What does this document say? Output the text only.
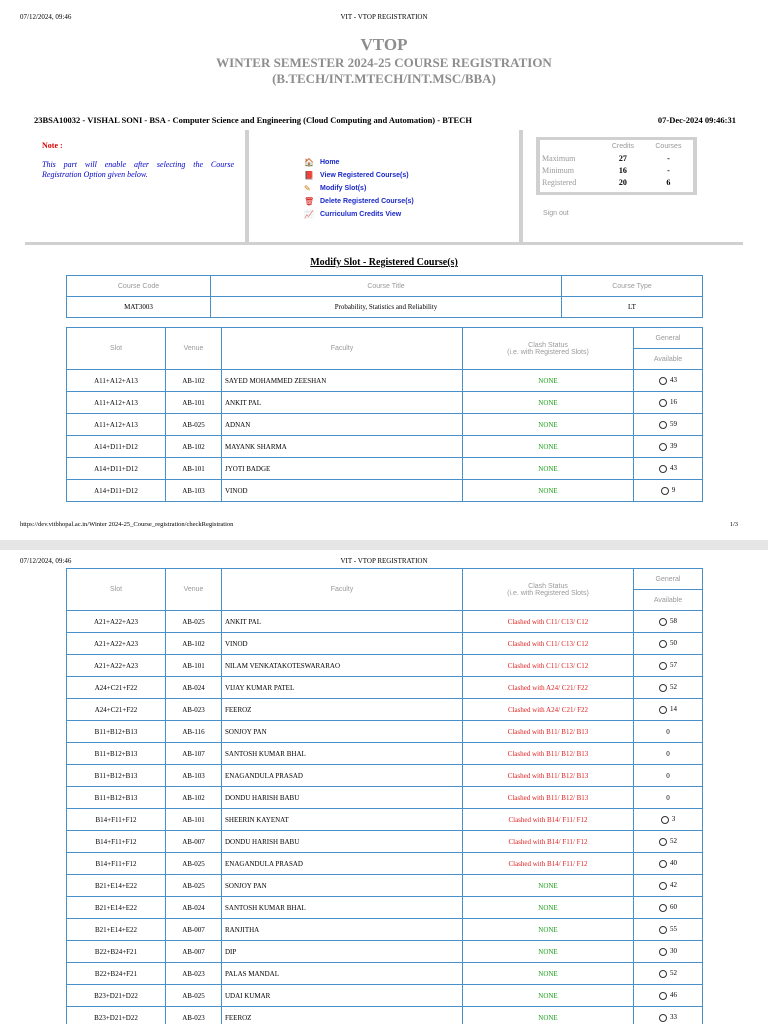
07/12/2024, 09:46	VIT - VTOP REGISTRATION
VTOP
WINTER SEMESTER 2024-25 COURSE REGISTRATION
(B.TECH/INT.MTECH/INT.MSC/BBA)
23BSA10032 - VISHAL SONI - BSA - Computer Science and Engineering (Cloud Computing and Automation) - BTECH	07-Dec-2024 09:46:31
Note :
This part will enable after selecting the Course Registration Option given below.
🏠 Home
📕 View Registered Course(s)
✎	Modify Slot(s)
🗑 Delete Registered Course(s)
📈 Curriculum Credits View
	Credits	Courses
Maximum	27	-
Minimum	16	-
Registered	20	6
Sign out
Modify Slot - Registered Course(s)
Course Code	Course Title	Course Type
MAT3003	Probability, Statistics and Reliability	LT
Slot	Venue	Faculty	Clash Status
(i.e. with Registered Slots)	General
				Available
A11+A12+A13	AB-102	SAYED MOHAMMED ZEESHAN	NONE	43
A11+A12+A13	AB-101	ANKIT PAL	NONE	16
A11+A12+A13	AB-025	ADNAN	NONE	59
A14+D11+D12	AB-102	MAYANK SHARMA	NONE	39
A14+D11+D12	AB-101	JYOTI BADGE	NONE	43
A14+D11+D12	AB-103	VINOD	NONE	9
https://dev.vitbhopal.ac.in/Winter 2024-25_Course_registration/checkRegistration	1/3
07/12/2024, 09:46	VIT - VTOP REGISTRATION
Slot	Venue	Faculty	Clash Status
(i.e. with Registered Slots)	General
				Available
A21+A22+A23	AB-025	ANKIT PAL	Clashed with C11/ C13/ C12	58
A21+A22+A23	AB-102	VINOD	Clashed with C11/ C13/ C12	50
A21+A22+A23	AB-101	NILAM VENKATAKOTESWARARAO	Clashed with C11/ C13/ C12	57
A24+C21+F22	AB-024	VIJAY KUMAR PATEL	Clashed with A24/ C21/ F22	52
A24+C21+F22	AB-023	FEEROZ	Clashed with A24/ C21/ F22	14
B11+B12+B13	AB-116	SONJOY PAN	Clashed with B11/ B12/ B13	0
B11+B12+B13	AB-107	SANTOSH KUMAR BHAL	Clashed with B11/ B12/ B13	0
B11+B12+B13	AB-103	ENAGANDULA PRASAD	Clashed with B11/ B12/ B13	0
B11+B12+B13	AB-102	DONDU HARISH BABU	Clashed with B11/ B12/ B13	0
B14+F11+F12	AB-101	SHEERIN KAYENAT	Clashed with B14/ F11/ F12	3
B14+F11+F12	AB-007	DONDU HARISH BABU	Clashed with B14/ F11/ F12	52
B14+F11+F12	AB-025	ENAGANDULA PRASAD	Clashed with B14/ F11/ F12	40
B21+E14+E22	AB-025	SONJOY PAN	NONE	42
B21+E14+E22	AB-024	SANTOSH KUMAR BHAL	NONE	60
B21+E14+E22	AB-007	RANJITHA	NONE	55
B22+B24+F21	AB-007	DIP	NONE	30
B22+B24+F21	AB-023	PALAS MANDAL	NONE	52
B23+D21+D22	AB-025	UDAI KUMAR	NONE	46
B23+D21+D22	AB-023	FEEROZ	NONE	33
